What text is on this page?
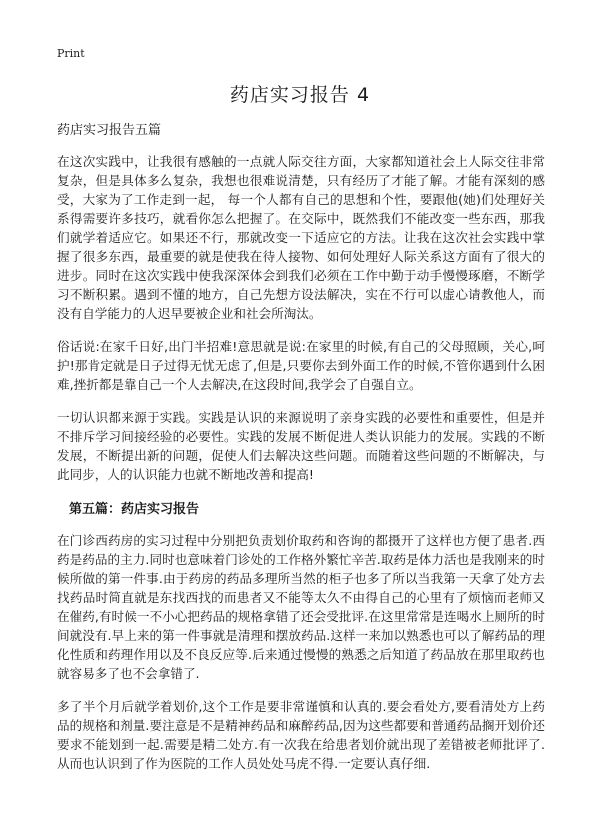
Print
药店实习报告 4

药店实习报告五篇

在这次实践中，让我很有感触的一点就人际交往方面，大家都知道社会上人际交往非常复杂，但是具体多么复杂，我想也很难说清楚，只有经历了才能了解。才能有深刻的感受，大家为了工作走到一起， 每一个人都有自己的思想和个性，要跟他(她)们处理好关系得需要许多技巧，就看你怎么把握了。在交际中，既然我们不能改变一些东西，那我们就学着适应它。如果还不行，那就改变一下适应它的方法。让我在这次社会实践中掌握了很多东西，最重要的就是使我在待人接物、如何处理好人际关系这方面有了很大的进步。同时在这次实践中使我深深体会到我们必须在工作中勤于动手慢慢琢磨，不断学习不断积累。遇到不懂的地方，自己先想方设法解决，实在不行可以虚心请教他人，而没有自学能力的人迟早要被企业和社会所淘汰。

俗话说:在家千日好,出门半招难!意思就是说:在家里的时候,有自己的父母照顾，关心,呵护!那肯定就是日子过得无忧无虑了,但是,只要你去到外面工作的时候,不管你遇到什么困难,挫折都是靠自己一个人去解决,在这段时间,我学会了自强自立。

一切认识都来源于实践。实践是认识的来源说明了亲身实践的必要性和重要性，但是并不排斥学习间接经验的必要性。实践的发展不断促进人类认识能力的发展。实践的不断发展，不断提出新的问题，促使人们去解决这些问题。而随着这些问题的不断解决，与此同步，人的认识能力也就不断地改善和提高!

第五篇：药店实习报告

在门诊西药房的实习过程中分别把负责划价取药和咨询的都摄开了这样也方便了患者.西药是药品的主力.同时也意味着门诊处的工作格外繁忙辛苦.取药是体力活也是我刚来的时候所做的第一件事.由于药房的药品多理所当然的柜子也多了所以当我第一天拿了处方去找药品时简直就是东找西找的而患者又不能等太久不由得自己的心里有了烦恼而老师又在催药,有时候一不小心把药品的规格拿错了还会受批评.在这里常常是连喝水上厕所的时间就没有.早上来的第一件事就是清理和摆放药品.这样一来加以熟悉也可以了解药品的理化性质和药理作用以及不良反应等.后来通过慢慢的熟悉之后知道了药品放在那里取药也就容易多了也不会拿错了.

多了半个月后就学着划价,这个工作是要非常谨慎和认真的.要会看处方,要看清处方上药品的规格和剂量.要注意是不是精神药品和麻醉药品,因为这些都要和普通药品搁开划价还要求不能划到一起.需要是精二处方.有一次我在给患者划价就出现了差错被老师批评了.从而也认识到了作为医院的工作人员处处马虎不得.一定要认真仔细.
